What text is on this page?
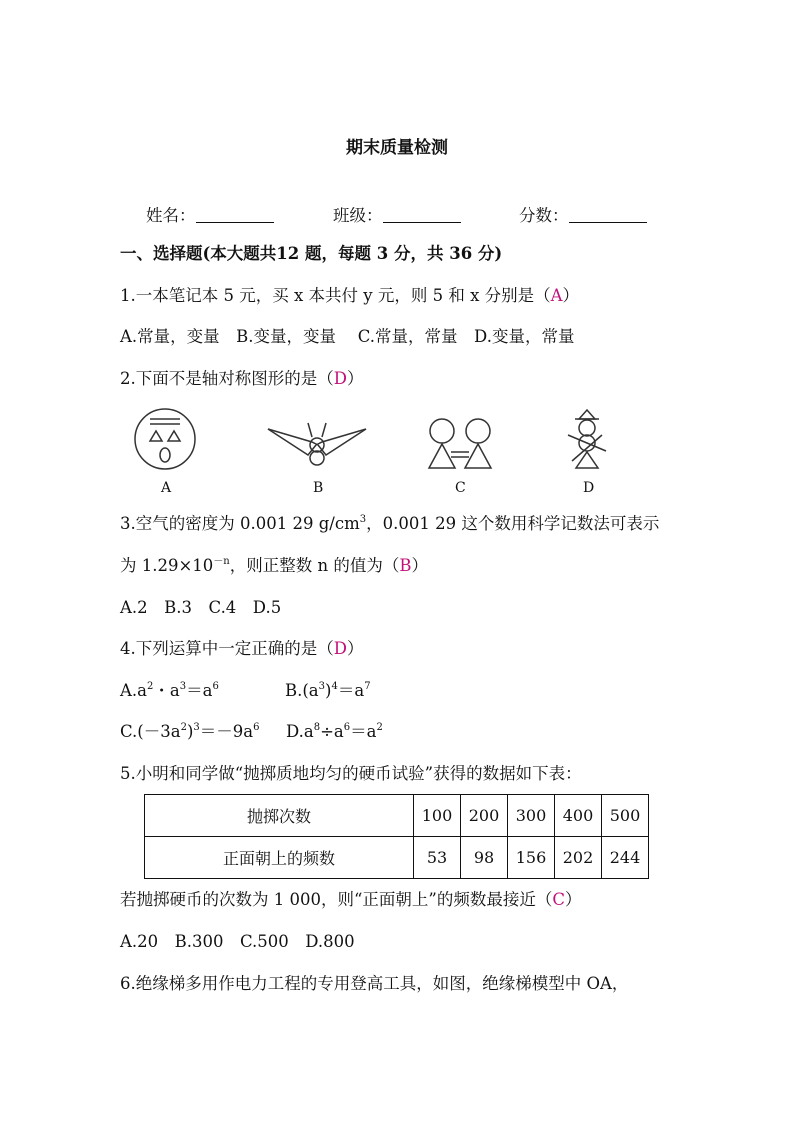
期末质量检测
姓名：	班级：	分数：
一、选择题(本大题共12 题，每题 3 分，共 36 分)
1.一本笔记本 5 元，买 x 本共付 y 元，则 5 和 x 分别是（A）
A.常量，变量　B.变量，变量　 C.常量，常量　D.变量，常量
2.下面不是轴对称图形的是（D）
A	B	C	D
3.空气的密度为 0.001 29 $g/cm^3$，0.001 29 这个数用科学记数法可表示
为 $1.29\times 10^{-n}$，则正整数 n 的值为（B）
A.2　B.3　C.4　D.5
4.下列运算中一定正确的是（D）
$A.a^2$・$a^3=a^6$	$B.(a^3)^4=a^7$
$C.(-3a^2)^3=-9a^6$ $D.a^8\div a^6=a^2$
5.小明和同学做“抛掷质地均匀的硬币试验”获得的数据如下表：
抛掷次数	100	200	300	400	500
正面朝上的频数	53	98	156	202	244
若抛掷硬币的次数为 1 000，则“正面朝上”的频数最接近（C）
A.20　B.300　C.500　D.800
6.绝缘梯多用作电力工程的专用登高工具，如图，绝缘梯模型中 OA，
